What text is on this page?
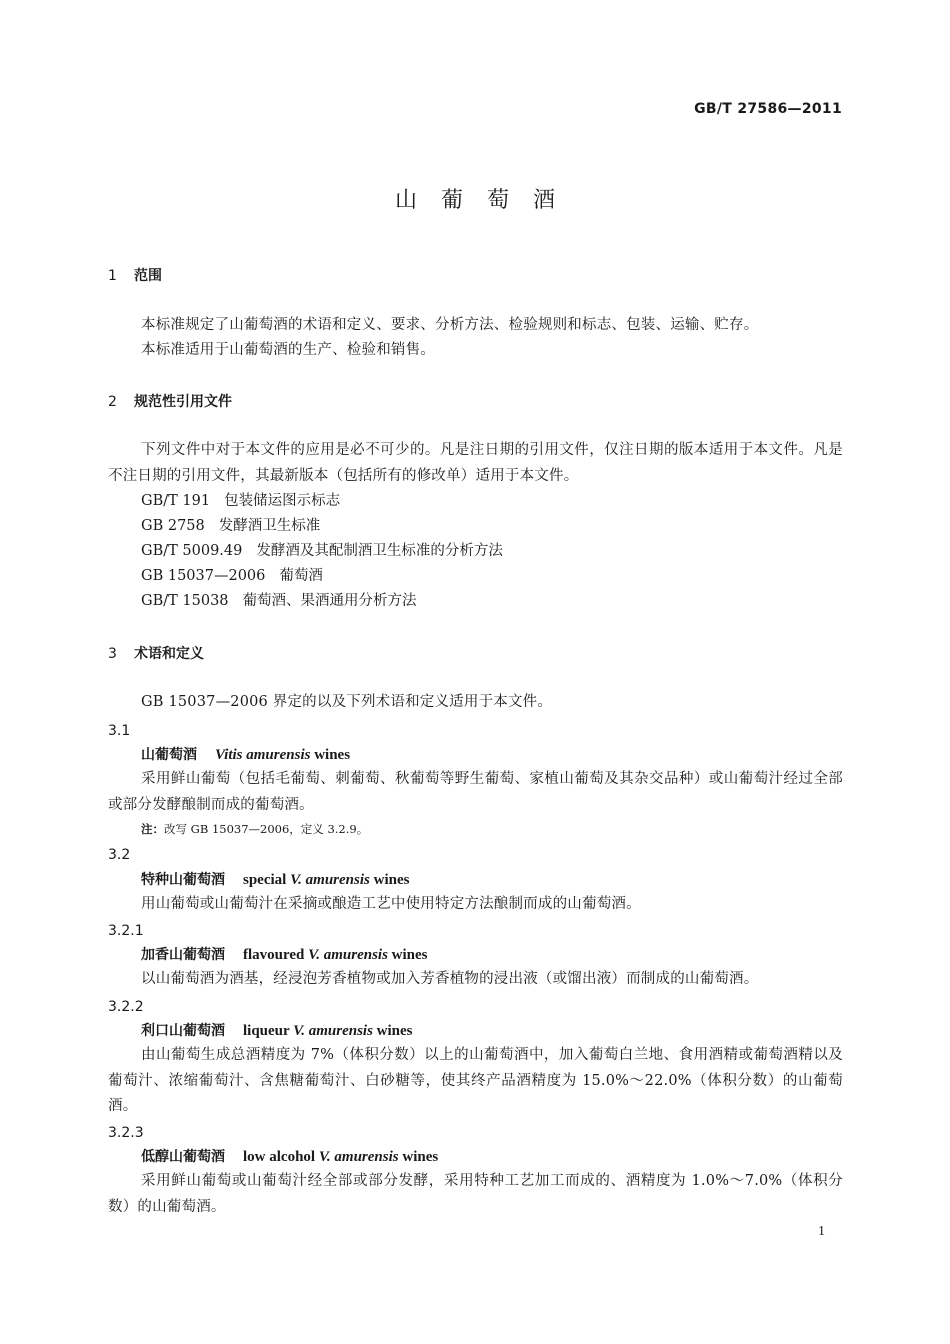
GB/T 27586—2011
山葡萄酒
1 范围
本标准规定了山葡萄酒的术语和定义、要求、分析方法、检验规则和标志、包装、运输、贮存。
本标准适用于山葡萄酒的生产、检验和销售。
2 规范性引用文件
下列文件中对于本文件的应用是必不可少的。凡是注日期的引用文件，仅注日期的版本适用于本文件。凡是不注日期的引用文件，其最新版本（包括所有的修改单）适用于本文件。
GB/T 191 包装储运图示标志
GB 2758 发酵酒卫生标准
GB/T 5009.49 发酵酒及其配制酒卫生标准的分析方法
GB 15037—2006 葡萄酒
GB/T 15038 葡萄酒、果酒通用分析方法
3 术语和定义
GB 15037—2006 界定的以及下列术语和定义适用于本文件。
3.1
山葡萄酒 Vitis amurensis wines
采用鲜山葡萄（包括毛葡萄、刺葡萄、秋葡萄等野生葡萄、家植山葡萄及其杂交品种）或山葡萄汁经过全部或部分发酵酿制而成的葡萄酒。
注：改写 GB 15037—2006，定义 3.2.9。
3.2
特种山葡萄酒 special V. amurensis wines
用山葡萄或山葡萄汁在采摘或酿造工艺中使用特定方法酿制而成的山葡萄酒。
3.2.1
加香山葡萄酒 flavoured V. amurensis wines
以山葡萄酒为酒基，经浸泡芳香植物或加入芳香植物的浸出液（或馏出液）而制成的山葡萄酒。
3.2.2
利口山葡萄酒 liqueur V. amurensis wines
由山葡萄生成总酒精度为 7%（体积分数）以上的山葡萄酒中，加入葡萄白兰地、食用酒精或葡萄酒精以及葡萄汁、浓缩葡萄汁、含焦糖葡萄汁、白砂糖等，使其终产品酒精度为 15.0%～22.0%（体积分数）的山葡萄酒。
3.2.3
低醇山葡萄酒 low alcohol V. amurensis wines
采用鲜山葡萄或山葡萄汁经全部或部分发酵，采用特种工艺加工而成的、酒精度为 1.0%～7.0%（体积分数）的山葡萄酒。
1
